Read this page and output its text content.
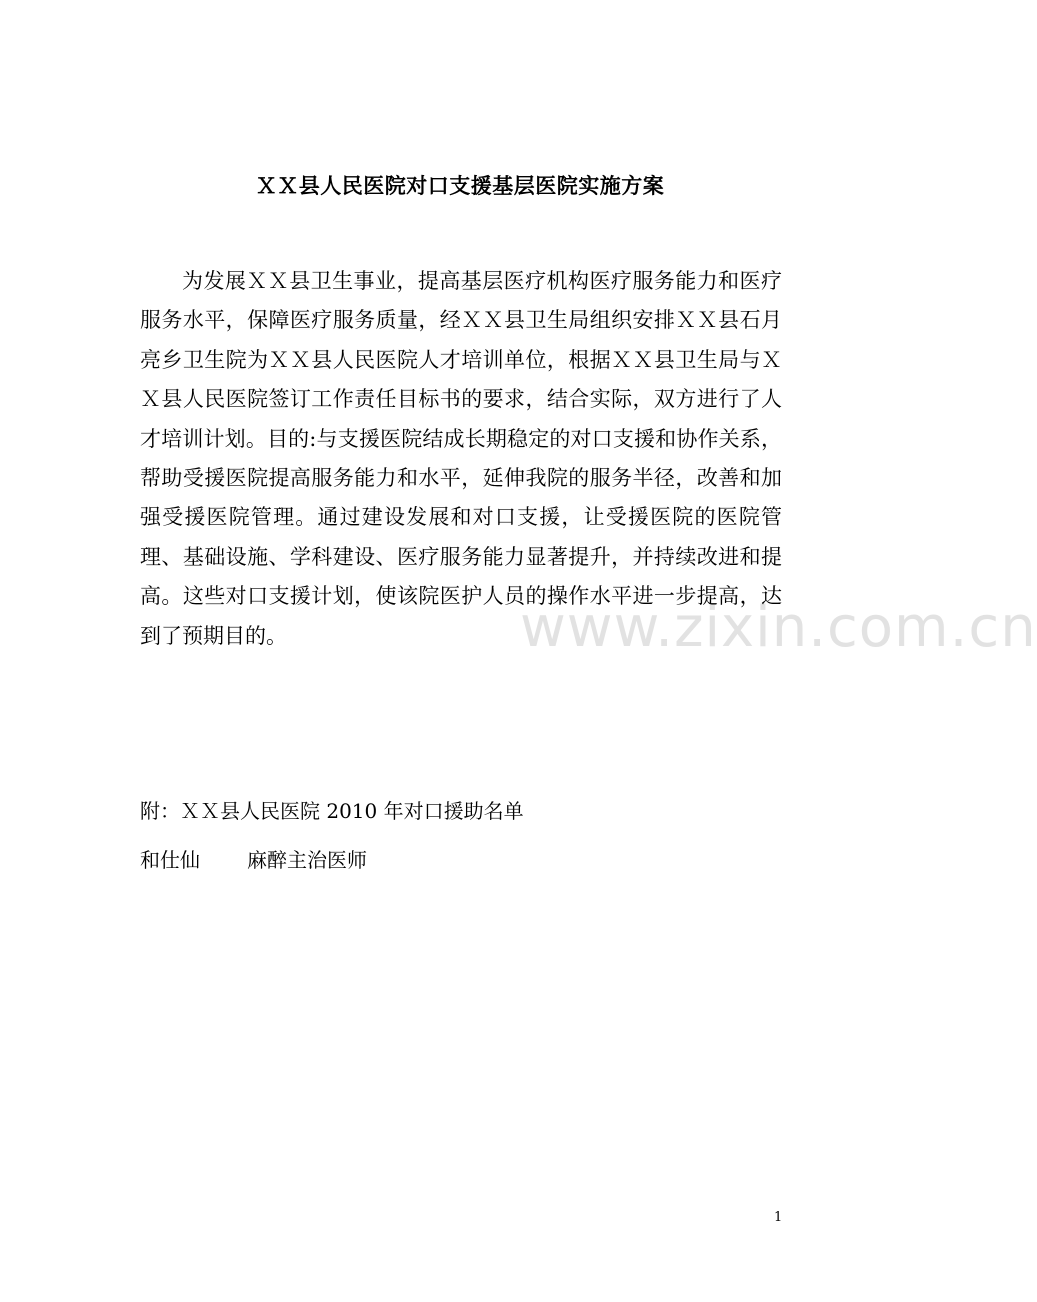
www.zixin.com.cn
ＸＸ县人民医院对口支援基层医院实施方案

为发展ＸＸ县卫生事业，提高基层医疗机构医疗服务能力和医疗服务水平，保障医疗服务质量，经ＸＸ县卫生局组织安排ＸＸ县石月亮乡卫生院为ＸＸ县人民医院人才培训单位，根据ＸＸ县卫生局与ＸＸ县人民医院签订工作责任目标书的要求，结合实际，双方进行了人才培训计划。目的:与支援医院结成长期稳定的对口支援和协作关系，帮助受援医院提高服务能力和水平，延伸我院的服务半径，改善和加强受援医院管理。通过建设发展和对口支援，让受援医院的医院管理、基础设施、学科建设、医疗服务能力显著提升，并持续改进和提高。这些对口支援计划，使该院医护人员的操作水平进一步提高，达到了预期目的。

附：ＸＸ县人民医院 2010 年对口援助名单

和仕仙 麻醉主治医师

1
